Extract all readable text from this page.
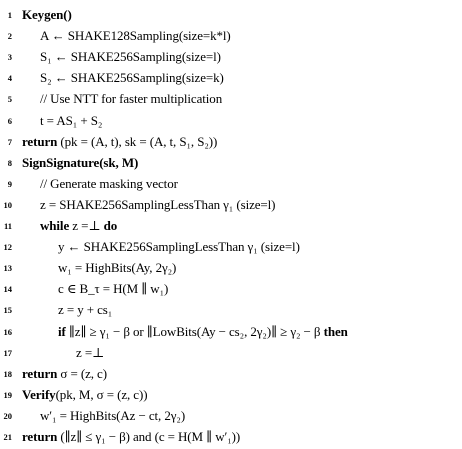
1 Keygen()
2 A ← SHAKE128Sampling(size=k*l)
3 S₁ ← SHAKE256Sampling(size=l)
4 S₂ ← SHAKE256Sampling(size=k)
5 // Use NTT for faster multiplication
6 t = AS₁ + S₂
7 return (pk = (A, t), sk = (A, t, S₁, S₂))
8 SignSignature(sk, M)
9 // Generate masking vector
10 z = SHAKE256SamplingLessThan γ₁ (size=l)
11 while z =⊥ do
12	y ← SHAKE256SamplingLessThan γ₁ (size=l)
13	w₁ = HighBits(Ay, 2γ₂)
14	c ∈ B_τ = H(M ∥ w₁)
15	z = y + cs₁
16	if ∥z∥ ≥ γ₁ − β or ∥LowBits(Ay − cs₂, 2γ₂)∥ ≥ γ₂ − β then
17	z =⊥
18 return σ = (z, c)
19 Verify(pk, M, σ = (z, c))
20 w′₁ = HighBits(Az − ct, 2γ₂)
21 return (∥z∥ ≤ γ₁ − β) and (c = H(M ∥ w′₁))
